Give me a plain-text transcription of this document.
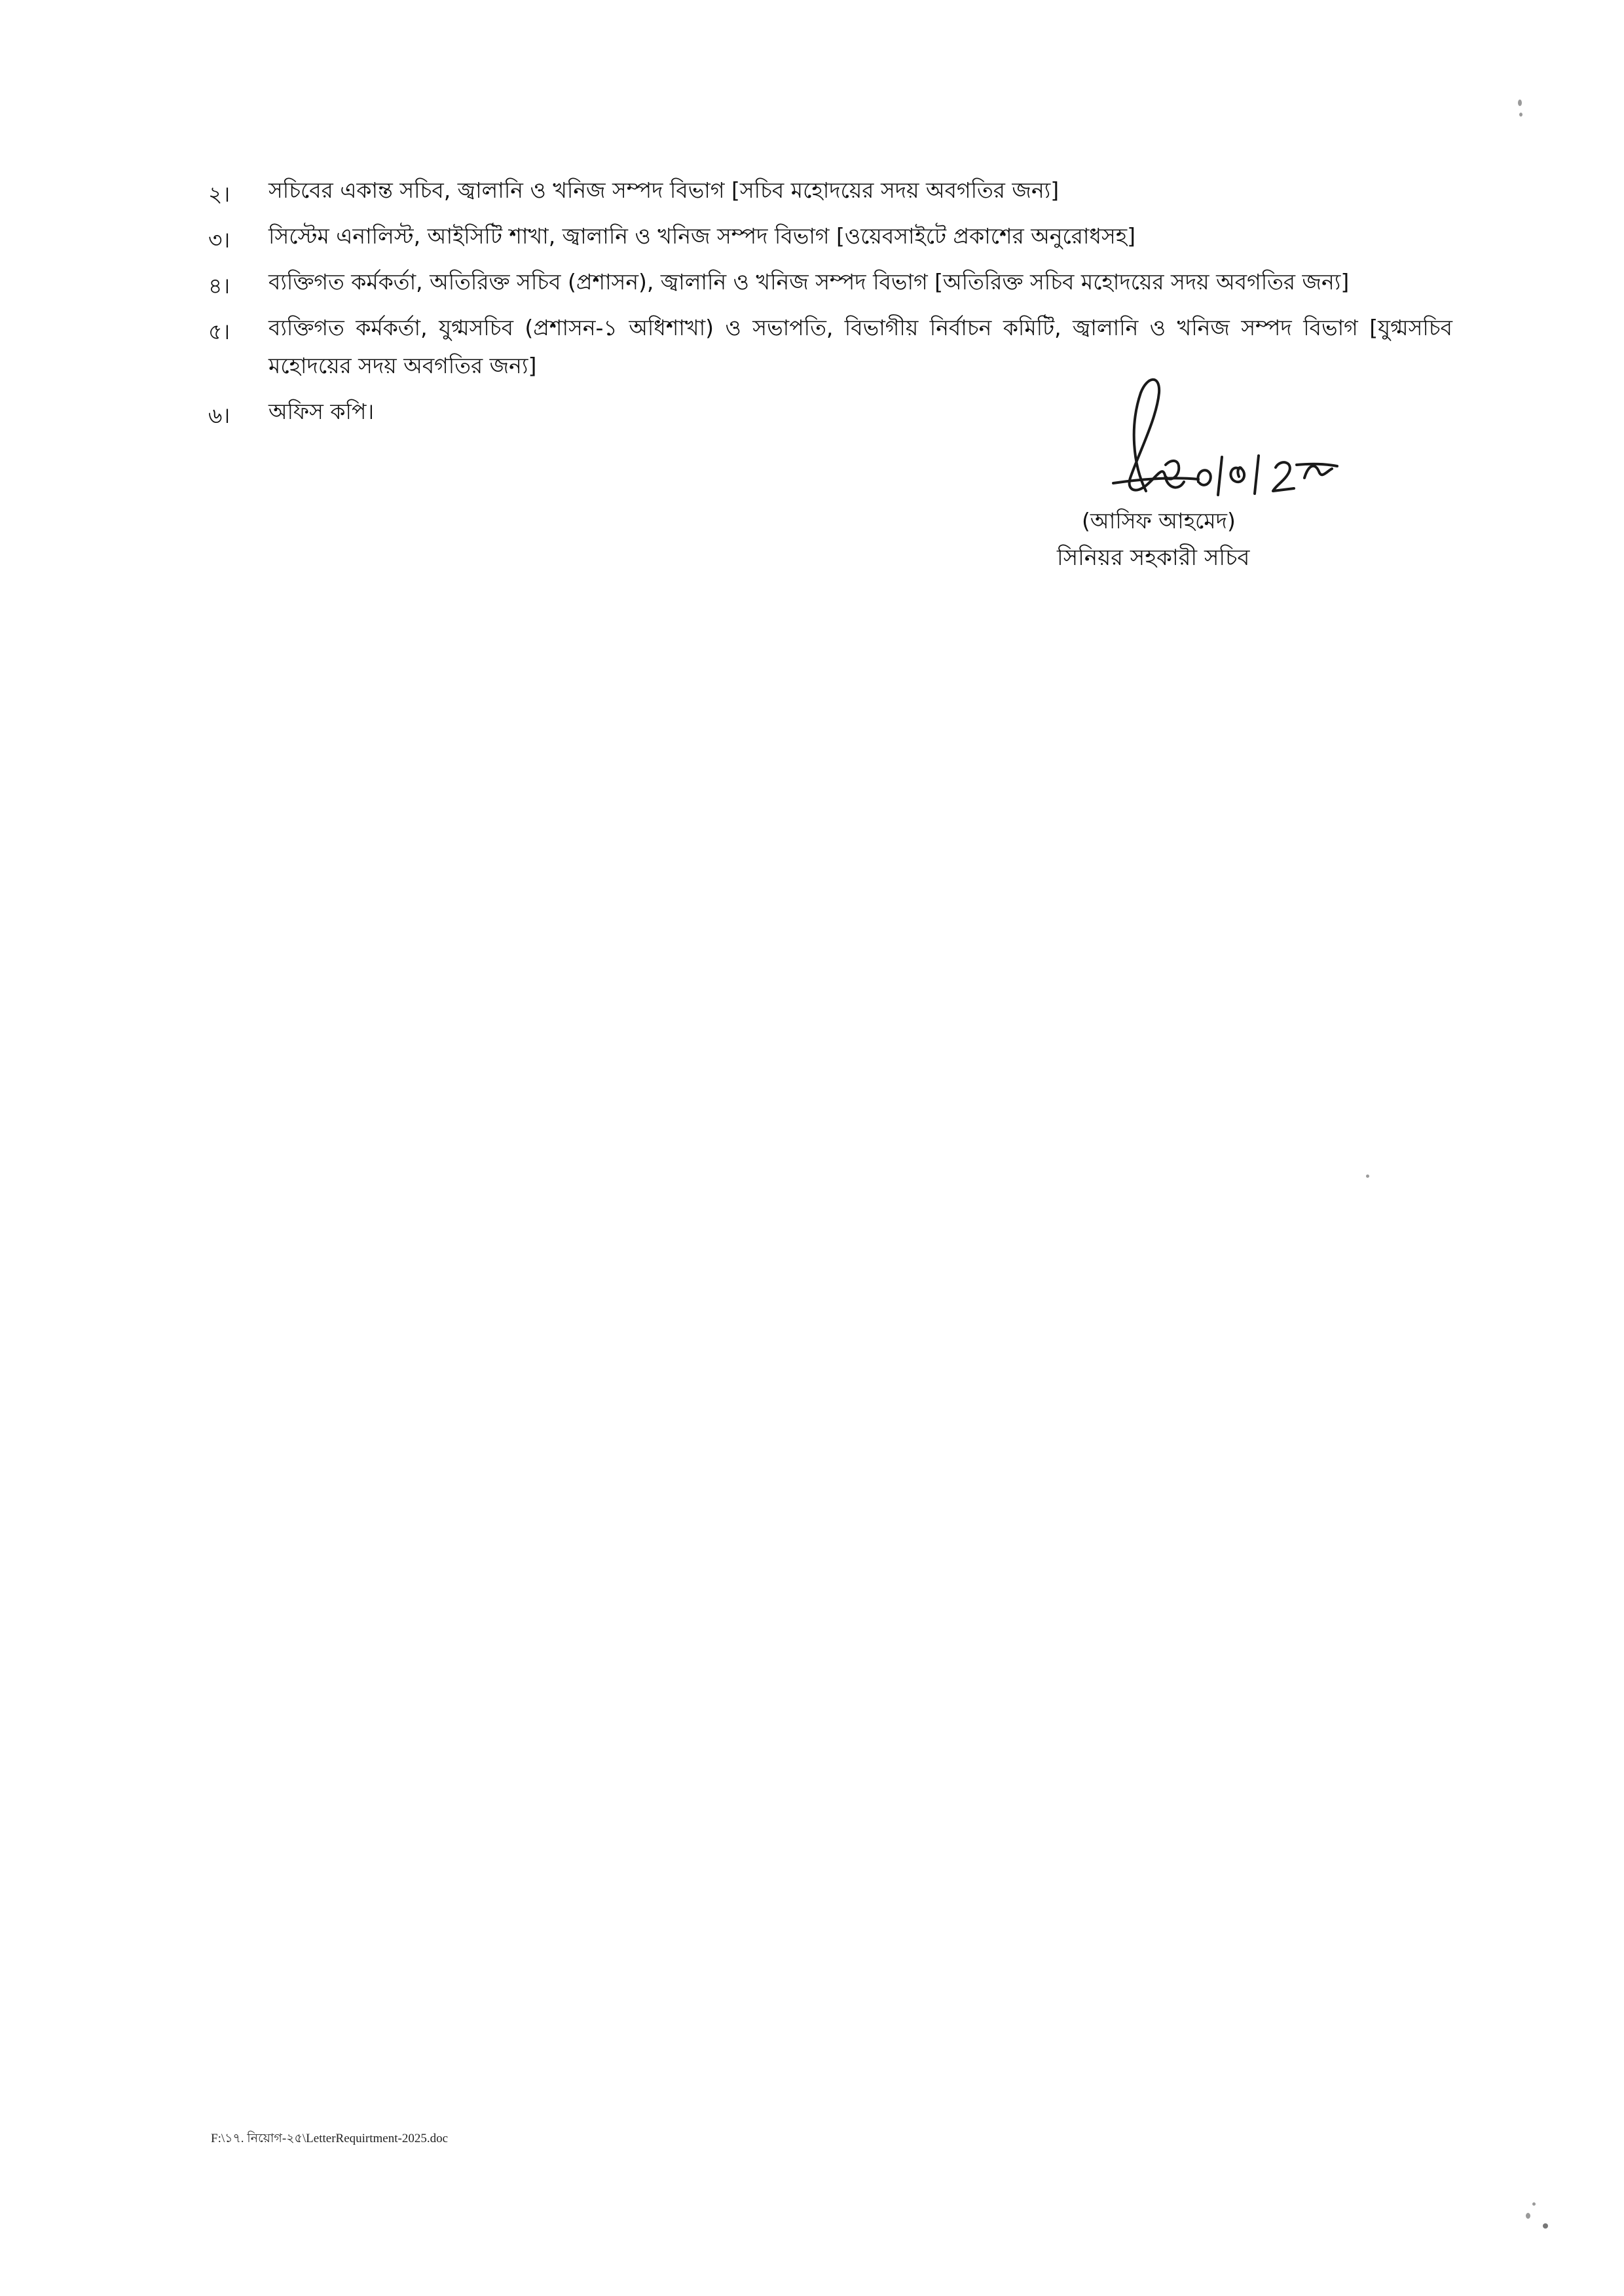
২। সচিবের একান্ত সচিব, জ্বালানি ও খনিজ সম্পদ বিভাগ [সচিব মহোদয়ের সদয় অবগতির জন্য]
৩। সিস্টেম এনালিস্ট, আইসিটি শাখা, জ্বালানি ও খনিজ সম্পদ বিভাগ [ওয়েবসাইটে প্রকাশের অনুরোধসহ]
৪। ব্যক্তিগত কর্মকর্তা, অতিরিক্ত সচিব (প্রশাসন), জ্বালানি ও খনিজ সম্পদ বিভাগ [অতিরিক্ত সচিব মহোদয়ের সদয় অবগতির জন্য]
৫। ব্যক্তিগত কর্মকর্তা, যুগ্মসচিব (প্রশাসন-১ অধিশাখা) ও সভাপতি, বিভাগীয় নির্বাচন কমিটি, জ্বালানি ও খনিজ সম্পদ বিভাগ [যুগ্মসচিব মহোদয়ের সদয় অবগতির জন্য]
৬। অফিস কপি।
(আসিফ আহমেদ)
সিনিয়র সহকারী সচিব
F:\১৭. নিয়োগ-২৫\LetterRequirtment-2025.doc
